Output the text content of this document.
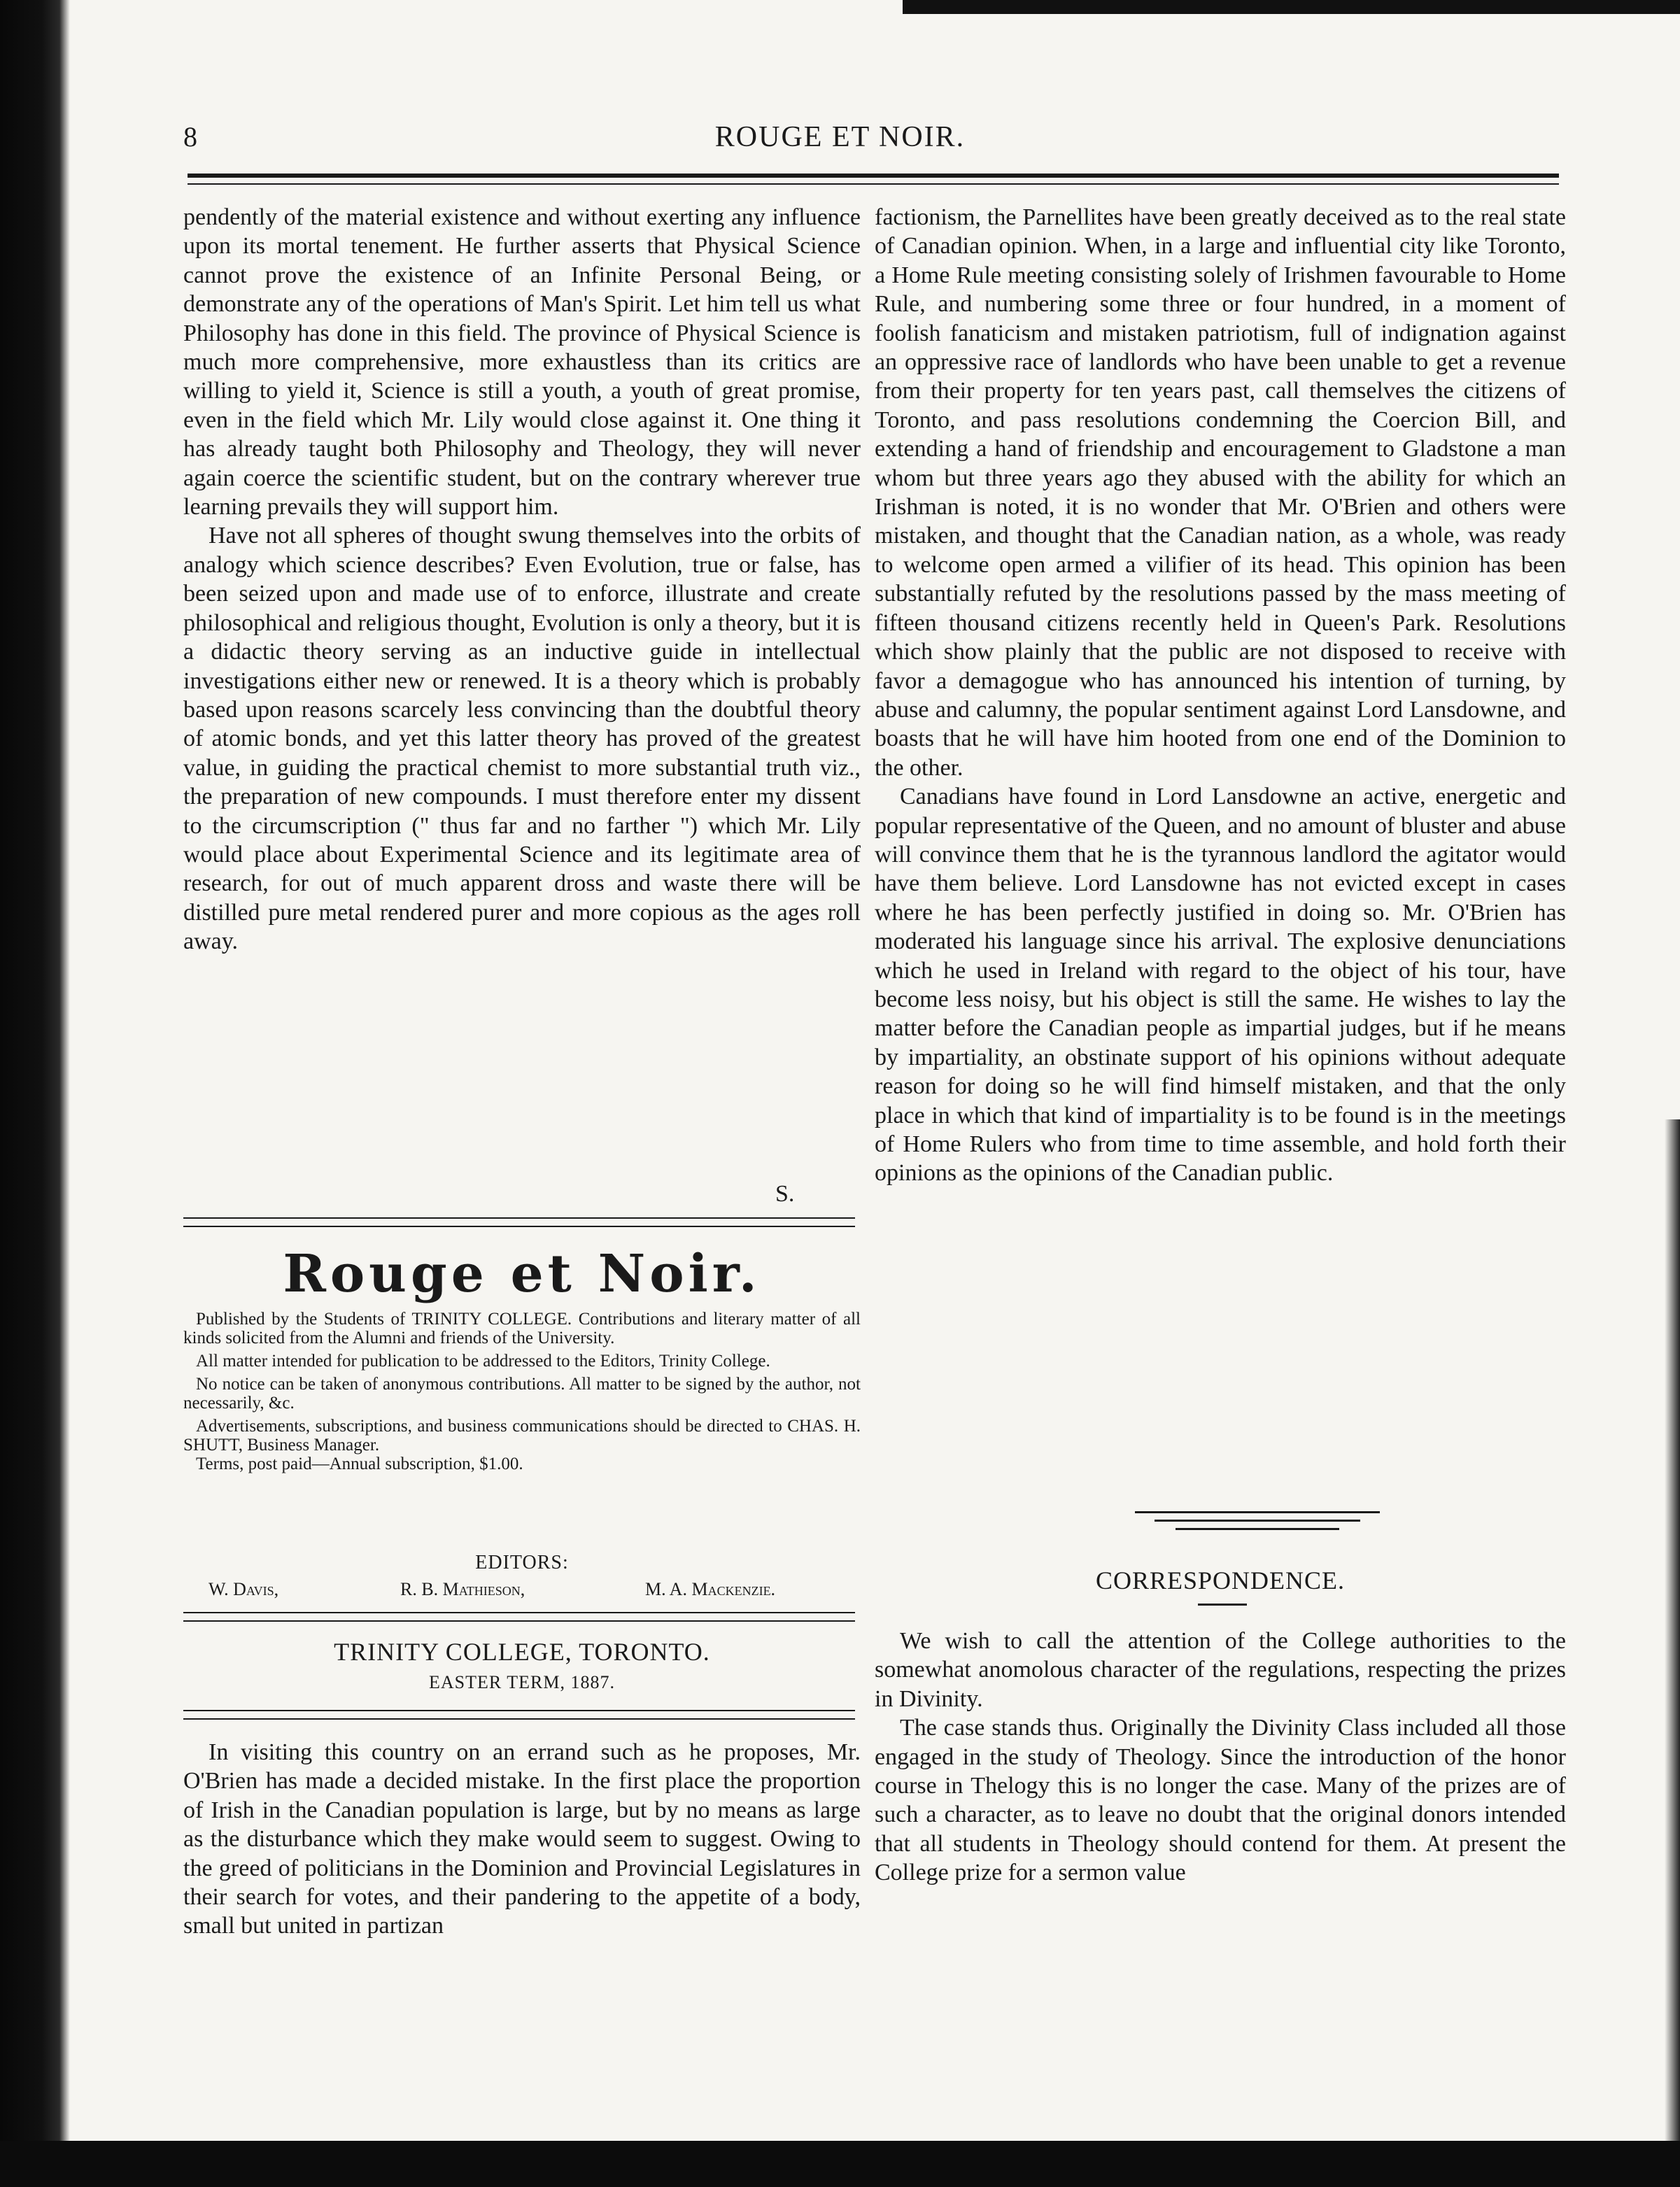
8	ROUGE ET NOIR.

pendently of the material existence and without exerting any influence upon its mortal tenement. He further asserts that Physical Science cannot prove the existence of an Infinite Personal Being, or demonstrate any of the operations of Man's Spirit. Let him tell us what Philosophy has done in this field. The province of Physical Science is much more comprehensive, more exhaustless than its critics are willing to yield it, Science is still a youth, a youth of great promise, even in the field which Mr. Lily would close against it. One thing it has already taught both Philosophy and Theology, they will never again coerce the scientific student, but on the contrary wherever true learning prevails they will support him.

Have not all spheres of thought swung themselves into the orbits of analogy which science describes? Even Evolution, true or false, has been seized upon and made use of to enforce, illustrate and create philosophical and religious thought, Evolution is only a theory, but it is a didactic theory serving as an inductive guide in intellectual investigations either new or renewed. It is a theory which is probably based upon reasons scarcely less convincing than the doubtful theory of atomic bonds, and yet this latter theory has proved of the greatest value, in guiding the practical chemist to more substantial truth viz., the preparation of new compounds. I must therefore enter my dissent to the circumscription (" thus far and no farther ") which Mr. Lily would place about Experimental Science and its legitimate area of research, for out of much apparent dross and waste there will be distilled pure metal rendered purer and more copious as the ages roll away.

S.
Rouge et Noir.

Published by the Students of TRINITY COLLEGE. Contributions and literary matter of all kinds solicited from the Alumni and friends of the University.

All matter intended for publication to be addressed to the Editors, Trinity College.

No notice can be taken of anonymous contributions. All matter to be signed by the author, not necessarily, &c.

Advertisements, subscriptions, and business communications should be directed to CHAS. H. SHUTT, Business Manager.

Terms, post paid—Annual subscription, $1.00.

EDITORS:
W. Davis,	R. B. Mathieson,	M. A. Mackenzie.
TRINITY COLLEGE, TORONTO.
EASTER TERM, 1887.

In visiting this country on an errand such as he proposes, Mr. O'Brien has made a decided mistake. In the first place the proportion of Irish in the Canadian population is large, but by no means as large as the disturbance which they make would seem to suggest. Owing to the greed of politicians in the Dominion and Provincial Legislatures in their search for votes, and their pandering to the appetite of a body, small but united in partizan

factionism, the Parnellites have been greatly deceived as to the real state of Canadian opinion. When, in a large and influential city like Toronto, a Home Rule meeting consisting solely of Irishmen favourable to Home Rule, and numbering some three or four hundred, in a moment of foolish fanaticism and mistaken patriotism, full of indignation against an oppressive race of landlords who have been unable to get a revenue from their property for ten years past, call themselves the citizens of Toronto, and pass resolutions condemning the Coercion Bill, and extending a hand of friendship and encouragement to Gladstone a man whom but three years ago they abused with the ability for which an Irishman is noted, it is no wonder that Mr. O'Brien and others were mistaken, and thought that the Canadian nation, as a whole, was ready to welcome open armed a vilifier of its head. This opinion has been substantially refuted by the resolutions passed by the mass meeting of fifteen thousand citizens recently held in Queen's Park. Resolutions which show plainly that the public are not disposed to receive with favor a demagogue who has announced his intention of turning, by abuse and calumny, the popular sentiment against Lord Lansdowne, and boasts that he will have him hooted from one end of the Dominion to the other.

Canadians have found in Lord Lansdowne an active, energetic and popular representative of the Queen, and no amount of bluster and abuse will convince them that he is the tyrannous landlord the agitator would have them believe. Lord Lansdowne has not evicted except in cases where he has been perfectly justified in doing so. Mr. O'Brien has moderated his language since his arrival. The explosive denunciations which he used in Ireland with regard to the object of his tour, have become less noisy, but his object is still the same. He wishes to lay the matter before the Canadian people as impartial judges, but if he means by impartiality, an obstinate support of his opinions without adequate reason for doing so he will find himself mistaken, and that the only place in which that kind of impartiality is to be found is in the meetings of Home Rulers who from time to time assemble, and hold forth their opinions as the opinions of the Canadian public.

CORRESPONDENCE.

We wish to call the attention of the College authorities to the somewhat anomolous character of the regulations, respecting the prizes in Divinity.

The case stands thus. Originally the Divinity Class included all those engaged in the study of Theology. Since the introduction of the honor course in Thelogy this is no longer the case. Many of the prizes are of such a character, as to leave no doubt that the original donors intended that all students in Theology should contend for them. At present the College prize for a sermon value
